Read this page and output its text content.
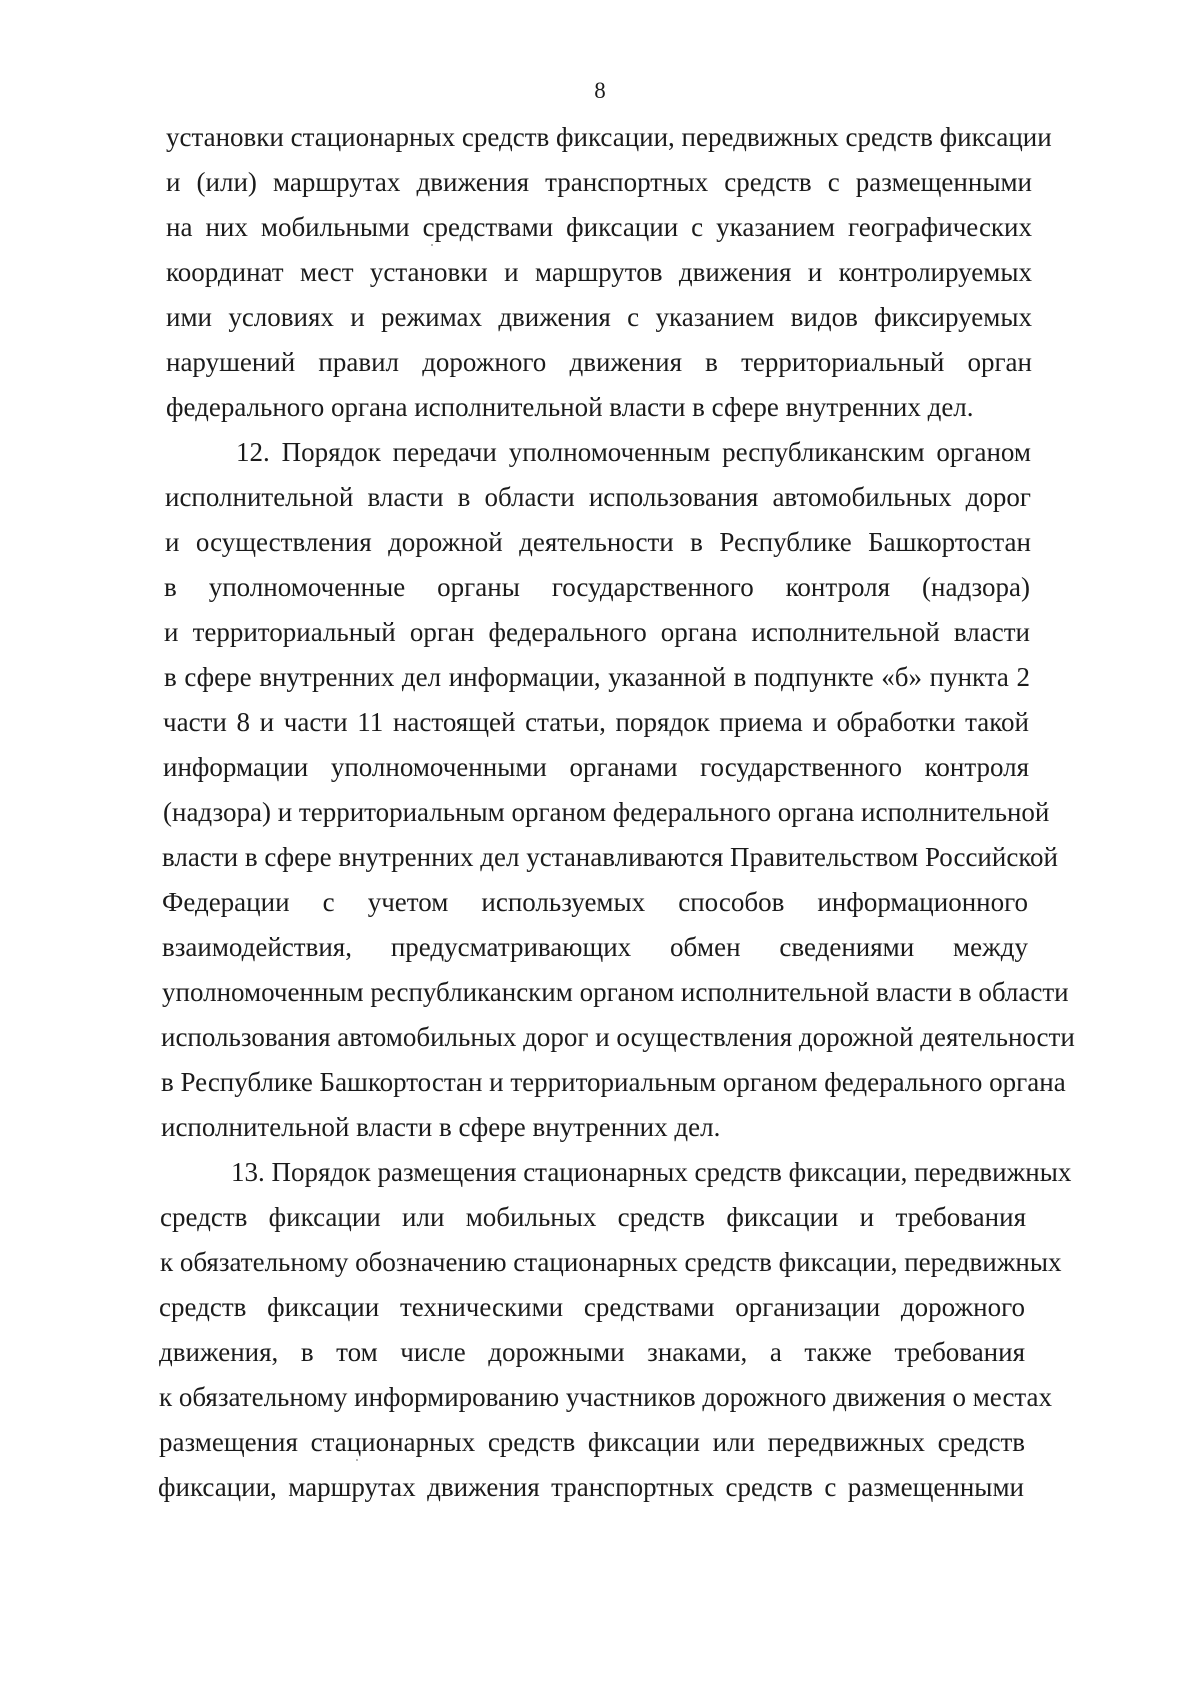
8
установки стационарных средств фиксации, передвижных средств фиксации
и (или) маршрутах движения транспортных средств с размещенными
на них мобильными средствами фиксации с указанием географических
координат мест установки и маршрутов движения и контролируемых
ими условиях и режимах движения с указанием видов фиксируемых
нарушений правил дорожного движения в территориальный орган
федерального органа исполнительной власти в сфере внутренних дел.
12. Порядок передачи уполномоченным республиканским органом
исполнительной власти в области использования автомобильных дорог
и осуществления дорожной деятельности в Республике Башкортостан
в уполномоченные органы государственного контроля (надзора)
и территориальный орган федерального органа исполнительной власти
в сфере внутренних дел информации, указанной в подпункте «б» пункта 2
части 8 и части 11 настоящей статьи, порядок приема и обработки такой
информации уполномоченными органами государственного контроля
(надзора) и территориальным органом федерального органа исполнительной
власти в сфере внутренних дел устанавливаются Правительством Российской
Федерации с учетом используемых способов информационного
взаимодействия, предусматривающих обмен сведениями между
уполномоченным республиканским органом исполнительной власти в области
использования автомобильных дорог и осуществления дорожной деятельности
в Республике Башкортостан и территориальным органом федерального органа
исполнительной власти в сфере внутренних дел.
13. Порядок размещения стационарных средств фиксации, передвижных
средств фиксации или мобильных средств фиксации и требования
к обязательному обозначению стационарных средств фиксации, передвижных
средств фиксации техническими средствами организации дорожного
движения, в том числе дорожными знаками, а также требования
к обязательному информированию участников дорожного движения о местах
размещения стационарных средств фиксации или передвижных средств
фиксации, маршрутах движения транспортных средств с размещенными
